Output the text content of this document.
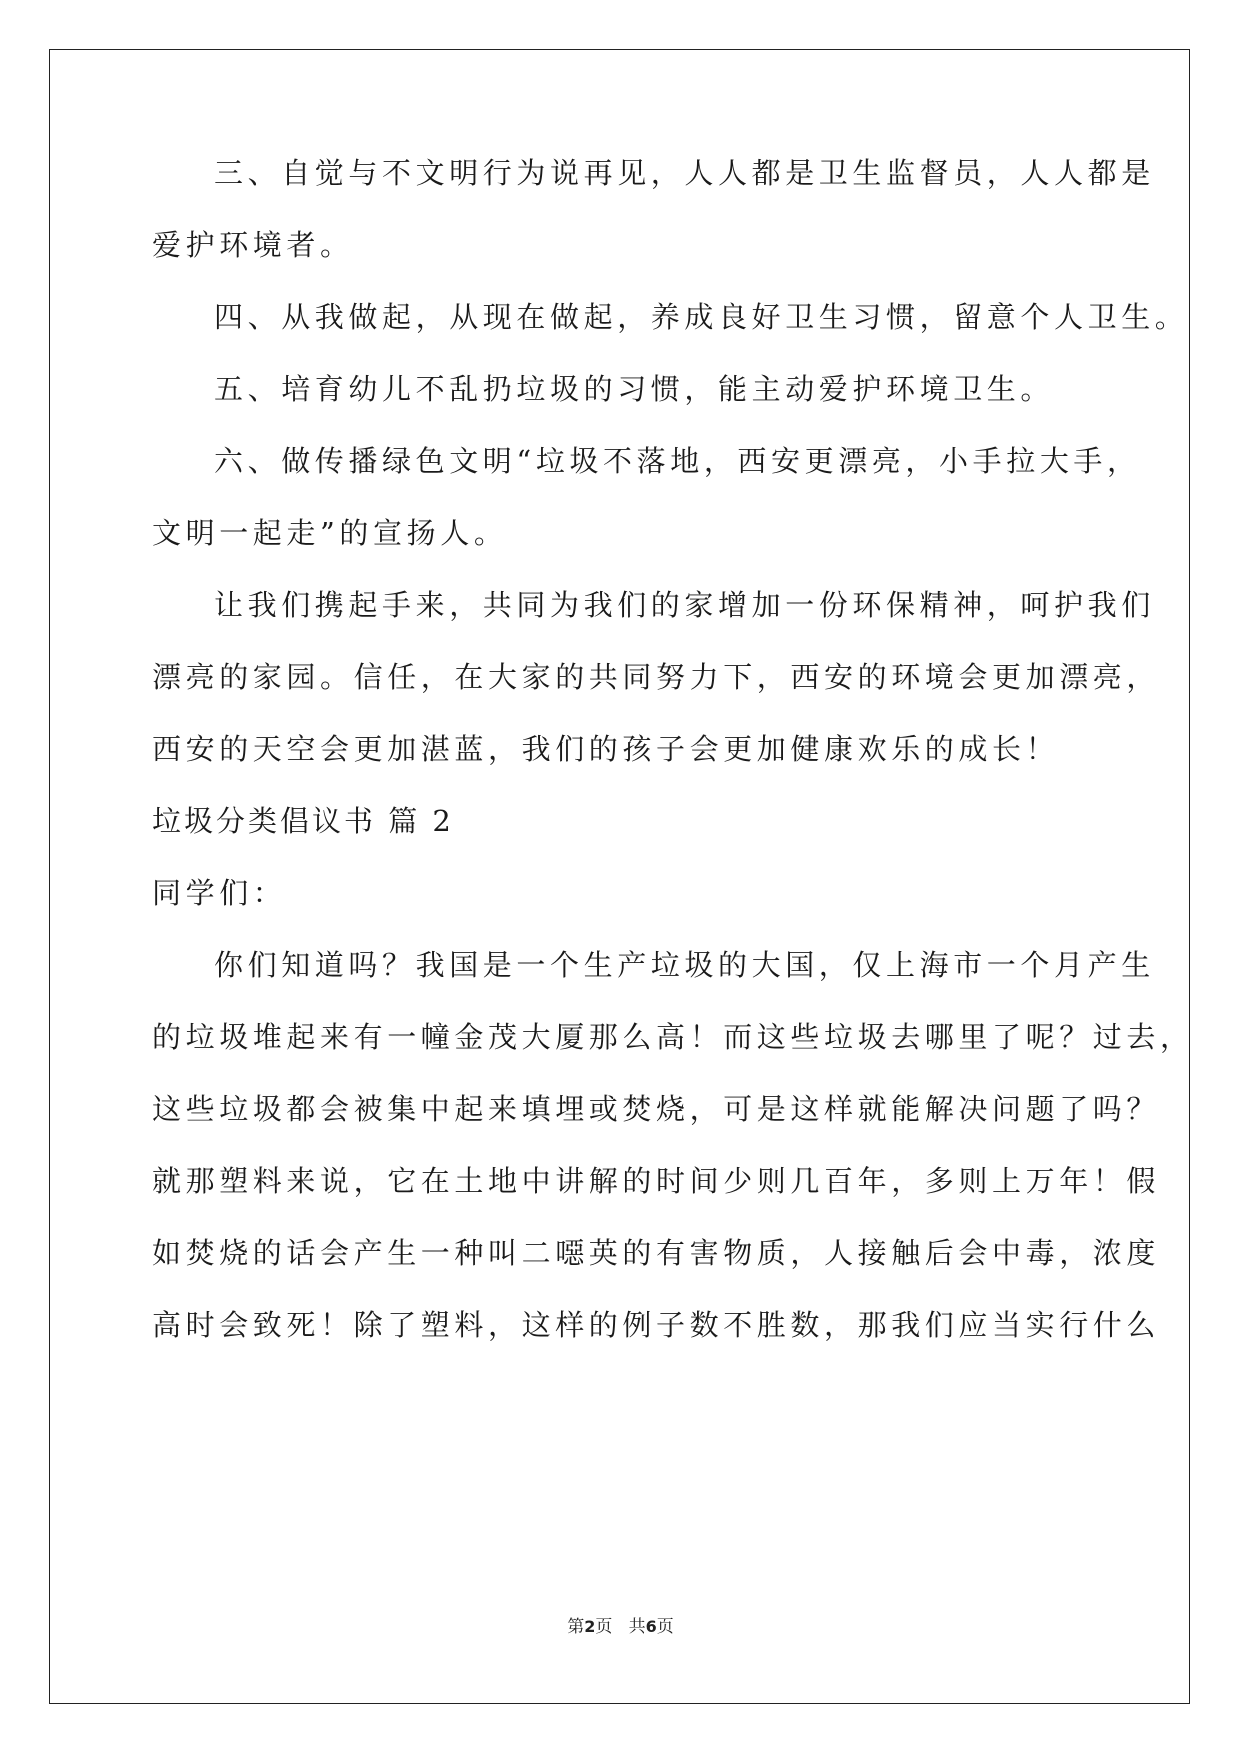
三、自觉与不文明行为说再见，人人都是卫生监督员，人人都是
爱护环境者。
四、从我做起，从现在做起，养成良好卫生习惯，留意个人卫生。
五、培育幼儿不乱扔垃圾的习惯，能主动爱护环境卫生。
六、做传播绿色文明“垃圾不落地，西安更漂亮，小手拉大手，
文明一起走”的宣扬人。
让我们携起手来，共同为我们的家增加一份环保精神，呵护我们
漂亮的家园。信任，在大家的共同努力下，西安的环境会更加漂亮，
西安的天空会更加湛蓝，我们的孩子会更加健康欢乐的成长！
垃圾分类倡议书 篇 2
同学们：
你们知道吗？我国是一个生产垃圾的大国，仅上海市一个月产生
的垃圾堆起来有一幢金茂大厦那么高！而这些垃圾去哪里了呢？过去，
这些垃圾都会被集中起来填埋或焚烧，可是这样就能解决问题了吗？
就那塑料来说，它在土地中讲解的时间少则几百年，多则上万年！假
如焚烧的话会产生一种叫二噁英的有害物质，人接触后会中毒，浓度
高时会致死！除了塑料，这样的例子数不胜数，那我们应当实行什么
第2页 共6页
